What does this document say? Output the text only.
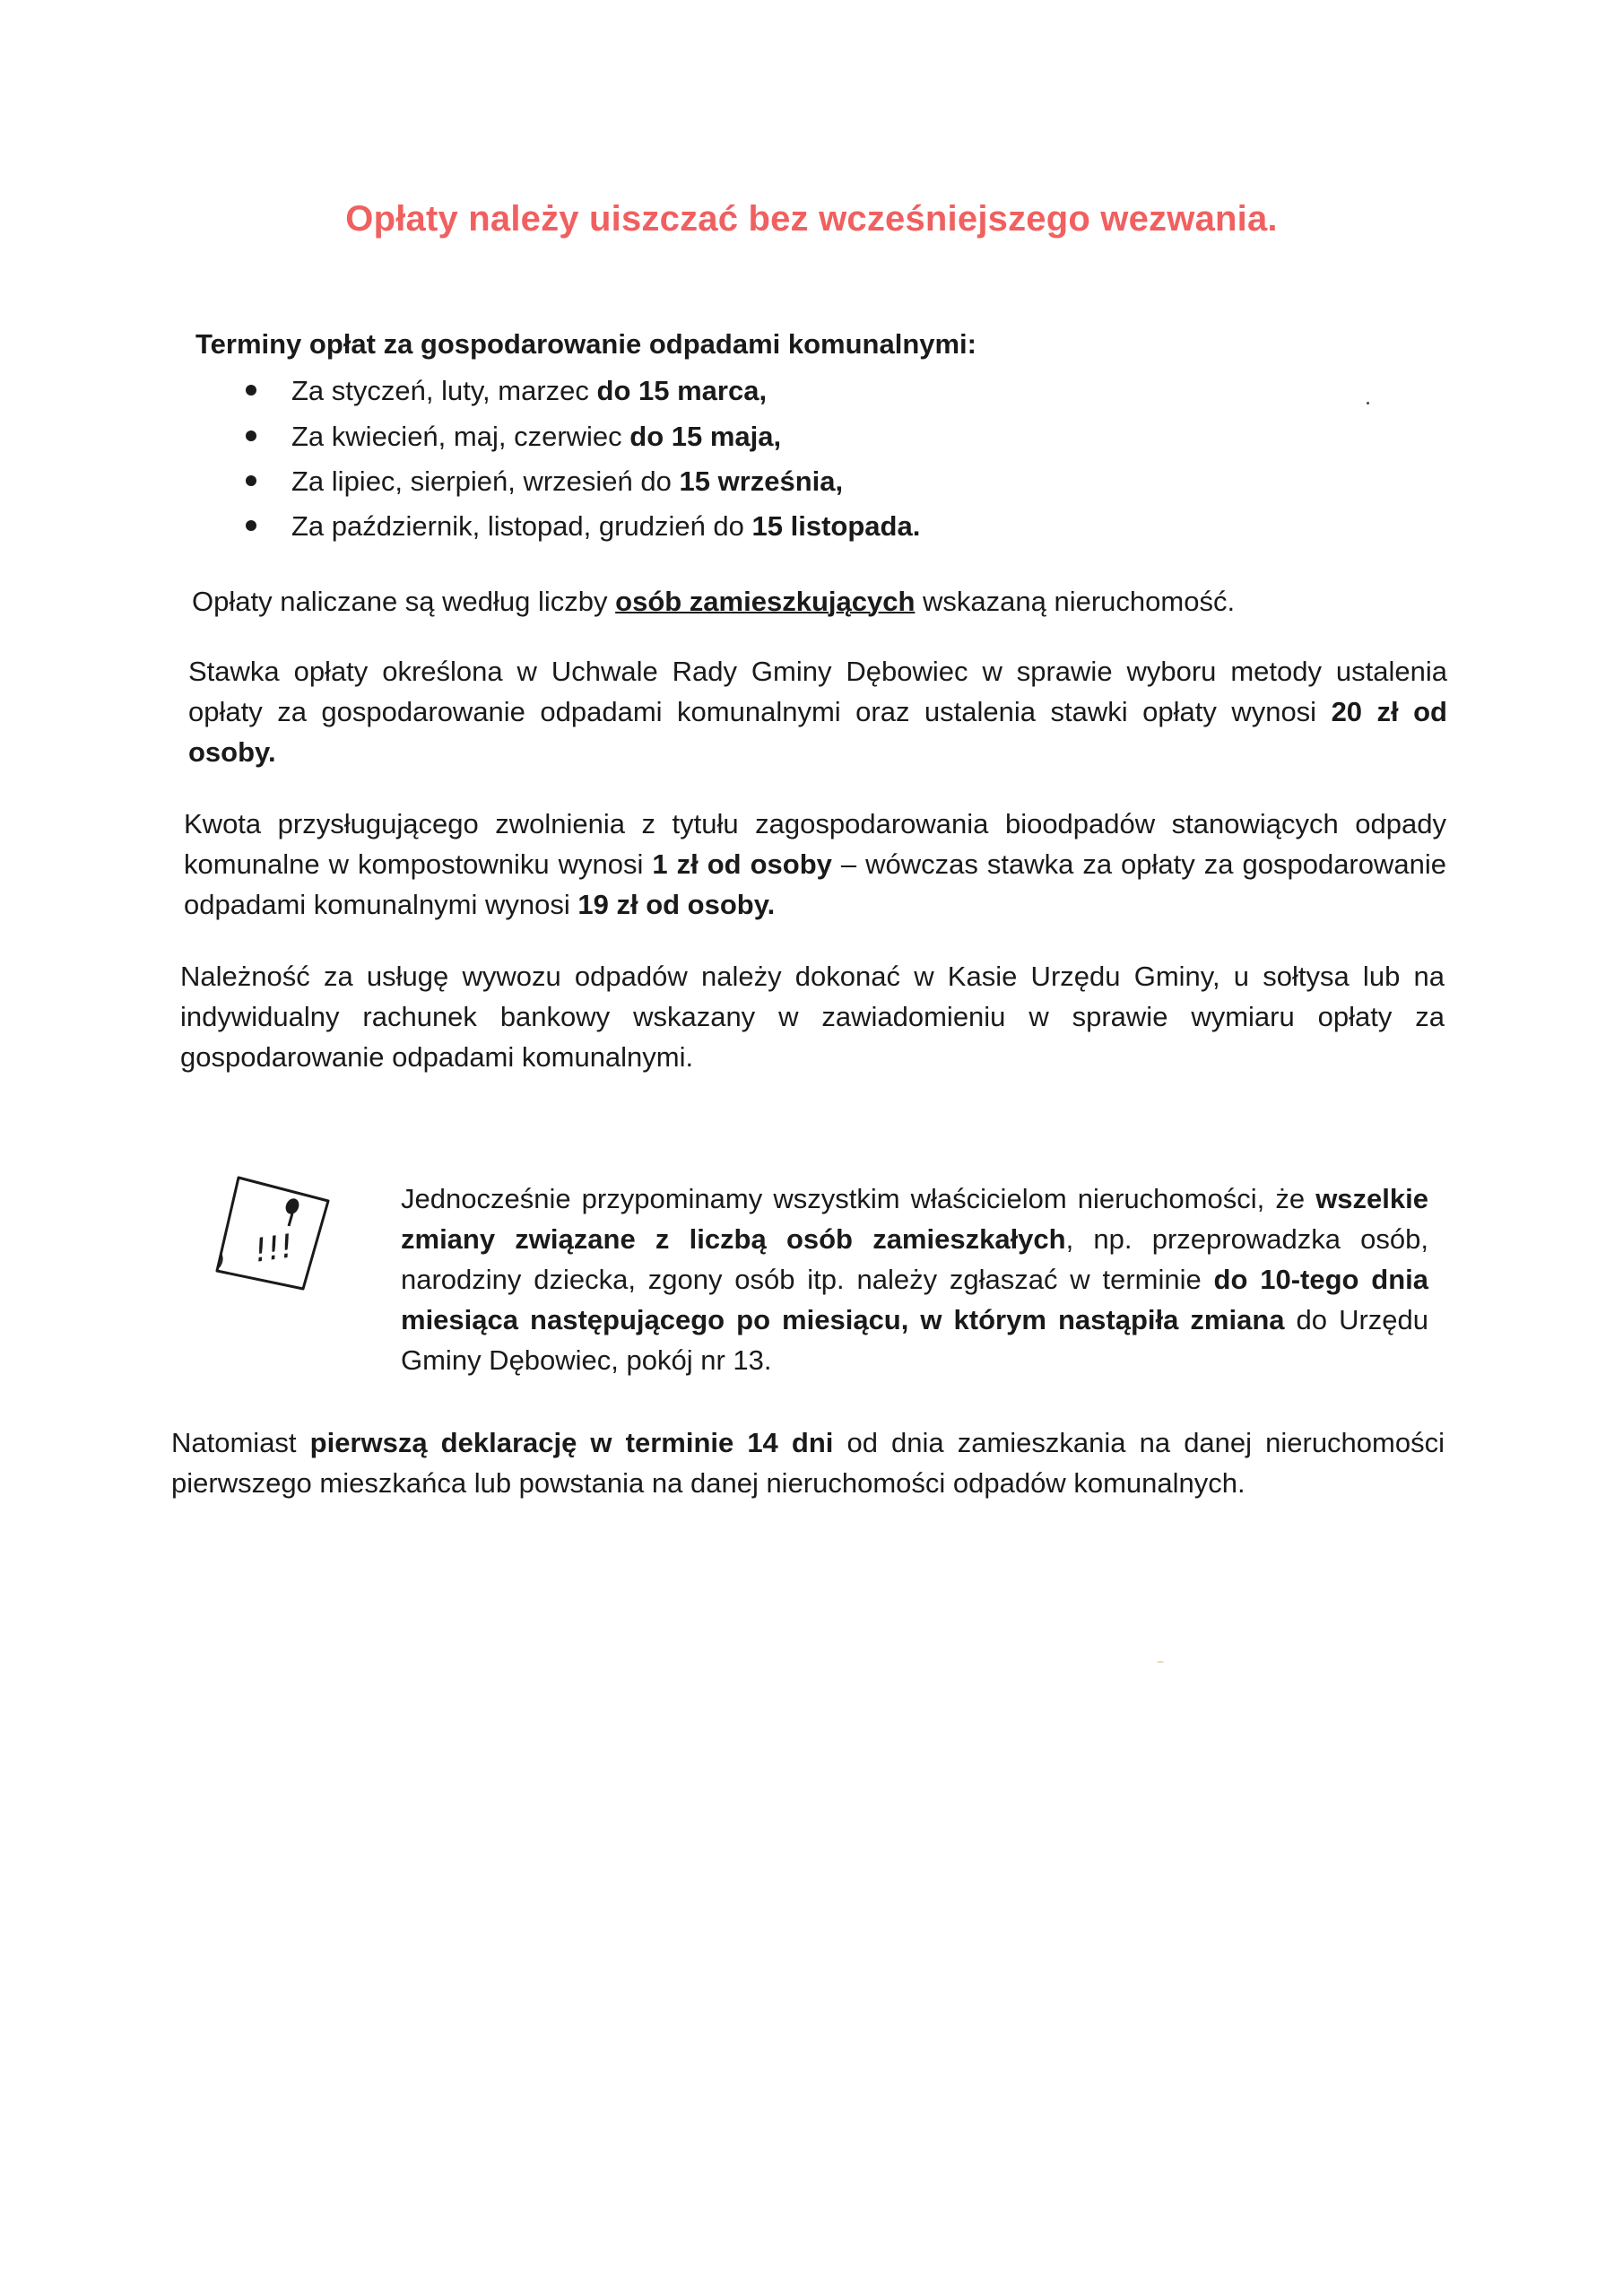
Opłaty należy uiszczać bez wcześniejszego wezwania.
Terminy opłat za gospodarowanie odpadami komunalnymi:
Za styczeń, luty, marzec do 15 marca,
Za kwiecień, maj, czerwiec do 15 maja,
Za lipiec, sierpień, wrzesień do 15 września,
Za październik, listopad, grudzień do 15 listopada.
Opłaty naliczane są według liczby osób zamieszkujących wskazaną nieruchomość.
Stawka opłaty określona w Uchwale Rady Gminy Dębowiec w sprawie wyboru metody ustalenia opłaty za gospodarowanie odpadami komunalnymi oraz ustalenia stawki opłaty wynosi 20 zł od osoby.
Kwota przysługującego zwolnienia z tytułu zagospodarowania bioodpadów stanowiących odpady komunalne w kompostowniku wynosi 1 zł od osoby – wówczas stawka za opłaty za gospodarowanie odpadami komunalnymi wynosi 19 zł od osoby.
Należność za usługę wywozu odpadów należy dokonać w Kasie Urzędu Gminy, u sołtysa lub na indywidualny rachunek bankowy wskazany w zawiadomieniu w sprawie wymiaru opłaty za gospodarowanie odpadami komunalnymi.
!!!
Jednocześnie przypominamy wszystkim właścicielom nieruchomości, że wszelkie zmiany związane z liczbą osób zamieszkałych, np. przeprowadzka osób, narodziny dziecka, zgony osób itp. należy zgłaszać w terminie do 10-tego dnia miesiąca następującego po miesiącu, w którym nastąpiła zmiana do Urzędu Gminy Dębowiec, pokój nr 13.
Natomiast pierwszą deklarację w terminie 14 dni od dnia zamieszkania na danej nieruchomości pierwszego mieszkańca lub powstania na danej nieruchomości odpadów komunalnych.
